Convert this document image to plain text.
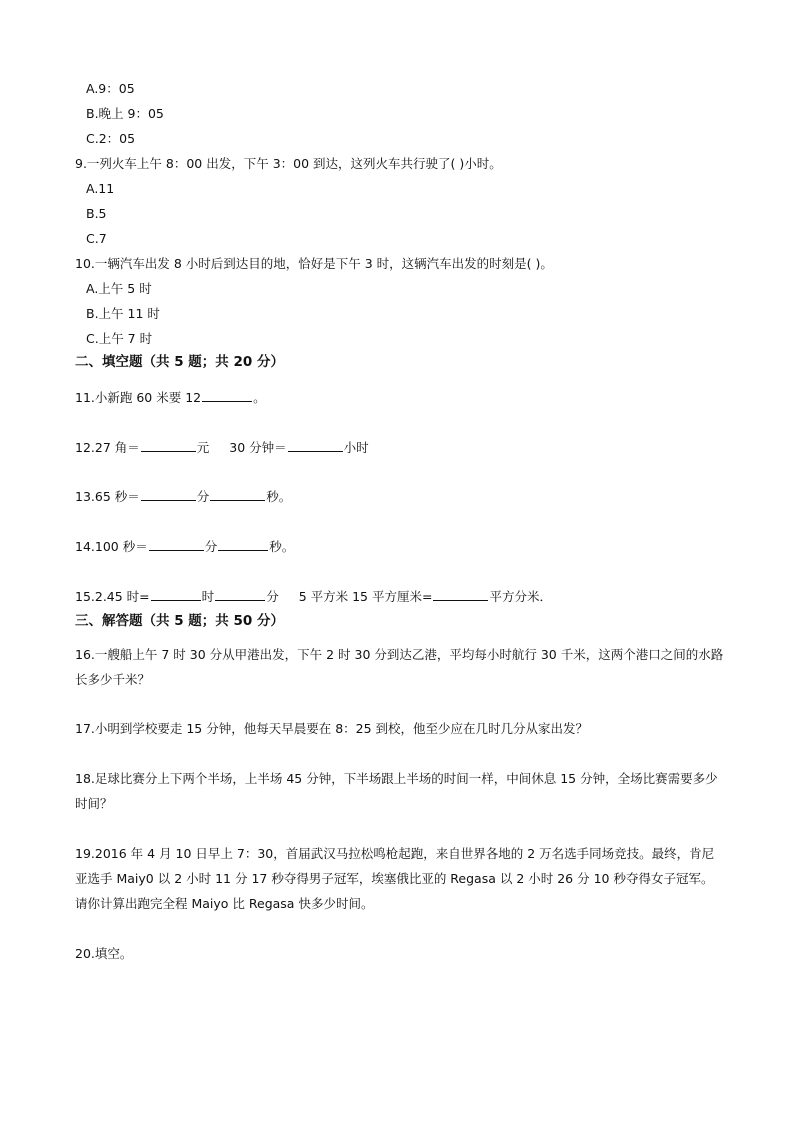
A.9：05
B.晚上 9：05
C.2：05
9.一列火车上午 8：00 出发，下午 3：00 到达，这列火车共行驶了( )小时。
A.11
B.5
C.7
10.一辆汽车出发 8 小时后到达目的地，恰好是下午 3 时，这辆汽车出发的时刻是( )。
A.上午 5 时
B.上午 11 时
C.上午 7 时
二、填空题（共 5 题；共 20 分）
11.小新跑 60 米要 12	。
12.27 角＝	元 30 分钟＝	小时
13.65 秒＝	分	秒。
14.100 秒＝	分	秒。
15.2.45 时=	时	分 5 平方米 15 平方厘米=	平方分米．
三、解答题（共 5 题；共 50 分）
16.一艘船上午 7 时 30 分从甲港出发，下午 2 时 30 分到达乙港，平均每小时航行 30 千米，这两个港口之间的水路长多少千米？
17.小明到学校要走 15 分钟，他每天早晨要在 8：25 到校，他至少应在几时几分从家出发？
18.足球比赛分上下两个半场，上半场 45 分钟，下半场跟上半场的时间一样，中间休息 15 分钟，全场比赛需要多少时间？
19.2016 年 4 月 10 日早上 7：30，首届武汉马拉松鸣枪起跑，来自世界各地的 2 万名选手同场竞技。最终，肯尼亚选手 Maiy0 以 2 小时 11 分 17 秒夺得男子冠军，埃塞俄比亚的 Regasa 以 2 小时 26 分 10 秒夺得女子冠军。请你计算出跑完全程 Maiyo 比 Regasa 快多少时间。
20.填空。
